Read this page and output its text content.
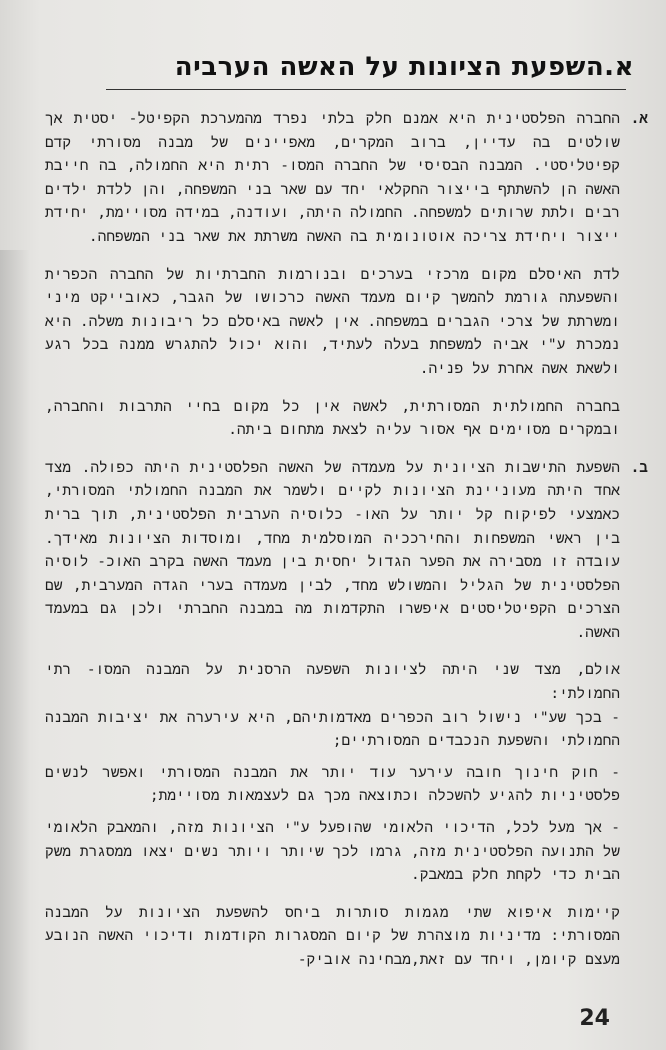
א.השפעת הציונות על האשה הערביה

א.
החברה הפלסטינית היא אמנם חלק בלתי נפרד מהמערכת הקפיטל- יסטית אך שולטים בה עדיין, ברוב המקרים, מאפיינים של מבנה מסורתי קדם קפיטליסטי. המבנה הבסיסי של החברה המסו- רתית היא החמולה, בה חייבת האשה הן להשתתף בייצור החקלאי יחד עם שאר בני המשפחה, והן ללדת ילדים רבים ולתת שרותים למשפחה. החמולה היתה, ועודנה, במידה מסויימת, יחידת ייצור ויחידת צריכה אוטונומית בה האשה משרתת את שאר בני המשפחה.

לדת האיסלם מקום מרכזי בערכים ובנורמות החברתיות של החברה הכפרית והשפעתה גורמת להמשך קיום מעמד האשה כרכושו של הגבר, כאובייקט מיני ומשרתת של צרכי הגברים במשפחה. אין לאשה באיסלם כל ריבונות משלה. היא נמכרת ע"י אביה למשפחת בעלה לעתיד, והוא יכול להתגרש ממנה בכל רגע ולשאת אשה אחרת על פניה.

בחברה החמולתית המסורתית, לאשה אין כל מקום בחיי התרבות והחברה, ובמקרים מסוימים אף אסור עליה לצאת מתחום ביתה.

ב.
השפעת התישבות הציונית על מעמדה של האשה הפלסטינית היתה כפולה. מצד אחד היתה מעוניינת הציונות לקיים ולשמר את המבנה החמולתי המסורתי, כאמצעי לפיקוח קל יותר על האו- כלוסיה הערבית הפלסטינית, תוך ברית בין ראשי המשפחות והחירככיה המוסלמית מחד, ומוסדות הציונות מאידך. עובדה זו מסבירה את הפער הגדול יחסית בין מעמד האשה בקרב האוכ- לוסיה הפלסטינית של הגליל והמשולש מחד, לבין מעמדה בערי הגדה המערבית, שם הצרכים הקפיטליסטים איפשרו התקדמות מה במבנה החברתי ולכן גם במעמד האשה.

אולם, מצד שני היתה לציונות השפעה הרסנית על המבנה המסו- רתי החמולתי:

- בכך שע"י נישול רוב הכפרים מאדמותיהם, היא עירערה את יציבות המבנה החמולתי והשפעת הנכבדים המסורתיים;

- חוק חינוך חובה עירער עוד יותר את המבנה המסורתי ואפשר לנשים פלסטיניות להגיע להשכלה וכתוצאה מכך גם לעצמאות מסויימת;

- אך מעל לכל, הדיכוי הלאומי שהופעל ע"י הציונות מזה, והמאבק הלאומי של התנועה הפלסטינית מזה, גרמו לכך שיותר ויותר נשים יצאו ממסגרת משק הבית כדי לקחת חלק במאבק.

קיימות איפוא שתי מגמות סותרות ביחס להשפעת הציונות על המבנה המסורתי: מדיניות מוצהרת של קיום המסגרות הקודמות ודיכוי האשה הנובע מעצם קיומן, ויחד עם זאת,מבחינה אוביק-

24
